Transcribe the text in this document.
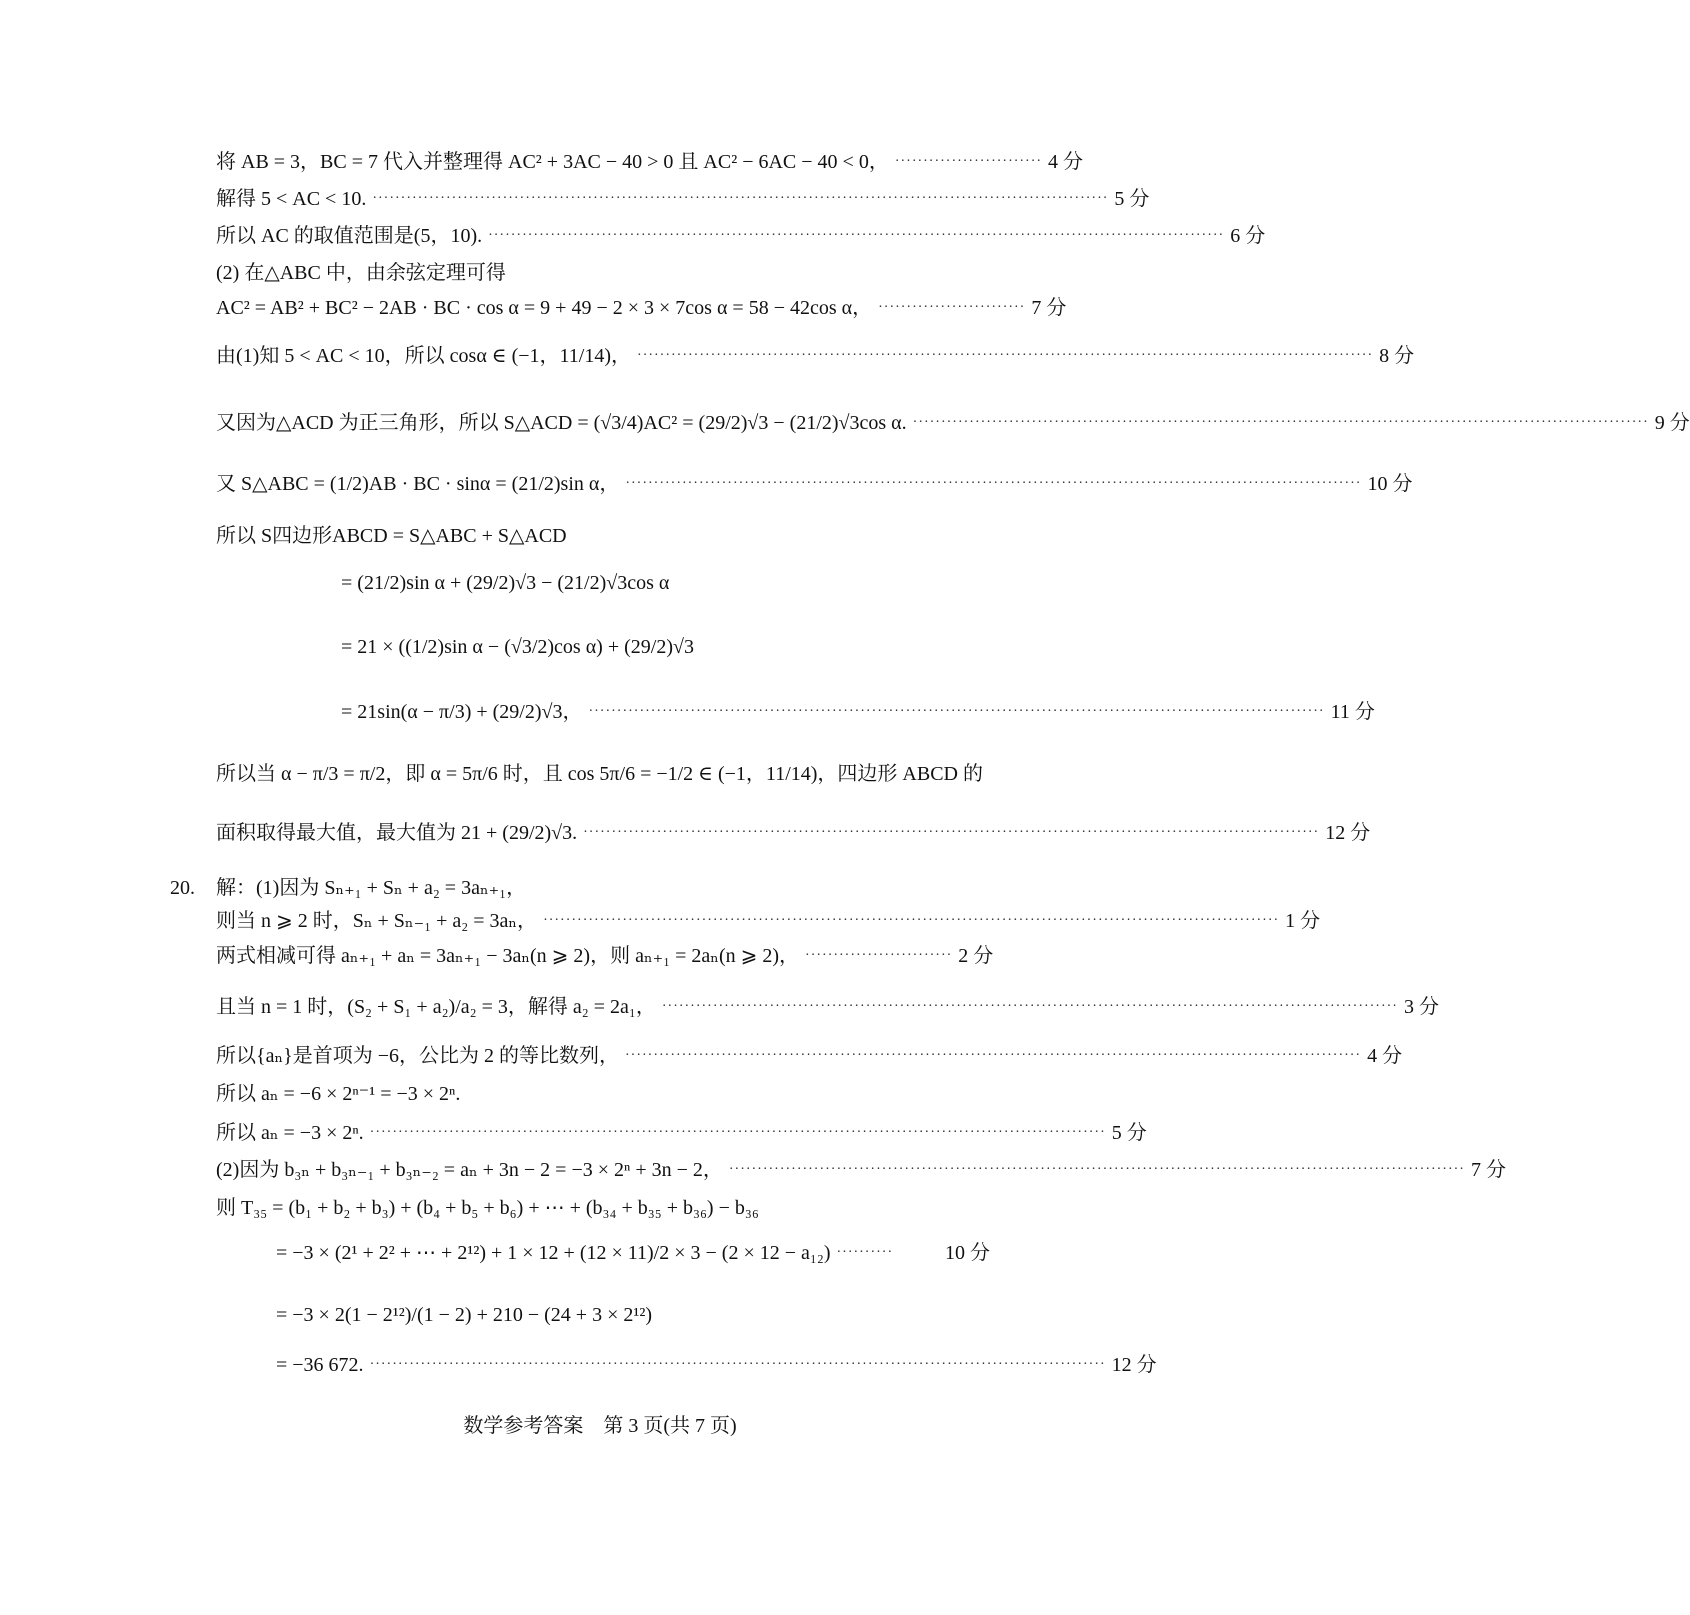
将 AB = 3，BC = 7 代入并整理得 AC² + 3AC − 40 > 0 且 AC² − 6AC − 40 < 0， ·························· 4 分
解得 5 < AC < 10. ·································································································································· 5 分
所以 AC 的取值范围是(5，10). ·································································································································· 6 分
(2) 在△ABC 中，由余弦定理可得
AC² = AB² + BC² − 2AB · BC · cos α = 9 + 49 − 2 × 3 × 7cos α = 58 − 42cos α， ·························· 7 分
由(1)知 5 < AC < 10，所以 cosα ∈ (−1，11/14)， ·································································································································· 8 分
又因为△ACD 为正三角形，所以 S△ACD = (√3/4)AC² = (29/2)√3 − (21/2)√3cos α. ·································································································································· 9 分
又 S△ABC = (1/2)AB · BC · sinα = (21/2)sin α， ·································································································································· 10 分
所以 S四边形ABCD = S△ABC + S△ACD
= (21/2)sin α + (29/2)√3 − (21/2)√3cos α
= 21 × ((1/2)sin α − (√3/2)cos α) + (29/2)√3
= 21sin(α − π/3) + (29/2)√3， ·································································································································· 11 分
所以当 α − π/3 = π/2，即 α = 5π/6 时，且 cos 5π/6 = −1/2 ∈ (−1，11/14)，四边形 ABCD 的
面积取得最大值，最大值为 21 + (29/2)√3. ·································································································································· 12 分
20. 解：(1)因为 Sₙ₊₁ + Sₙ + a₂ = 3aₙ₊₁，
则当 n ⩾ 2 时，Sₙ + Sₙ₋₁ + a₂ = 3aₙ， ·································································································································· 1 分
两式相减可得 aₙ₊₁ + aₙ = 3aₙ₊₁ − 3aₙ(n ⩾ 2)，则 aₙ₊₁ = 2aₙ(n ⩾ 2)， ·························· 2 分
且当 n = 1 时，(S₂ + S₁ + a₂)/a₂ = 3，解得 a₂ = 2a₁， ·································································································································· 3 分
所以{aₙ}是首项为 −6，公比为 2 的等比数列， ·································································································································· 4 分
所以 aₙ = −6 × 2ⁿ⁻¹ = −3 × 2ⁿ.
所以 aₙ = −3 × 2ⁿ. ·································································································································· 5 分
(2)因为 b₃ₙ + b₃ₙ₋₁ + b₃ₙ₋₂ = aₙ + 3n − 2 = −3 × 2ⁿ + 3n − 2， ·································································································································· 7 分
则 T₃₅ = (b₁ + b₂ + b₃) + (b₄ + b₅ + b₆) + ⋯ + (b₃₄ + b₃₅ + b₃₆) − b₃₆
= −3 × (2¹ + 2² + ⋯ + 2¹²) + 1 × 12 + (12 × 11)/2 × 3 − (2 × 12 − a₁₂) ··········	10 分
= −3 × 2(1 − 2¹²)/(1 − 2) + 210 − (24 + 3 × 2¹²)
= −36 672. ·································································································································· 12 分
数学参考答案　第 3 页(共 7 页)
